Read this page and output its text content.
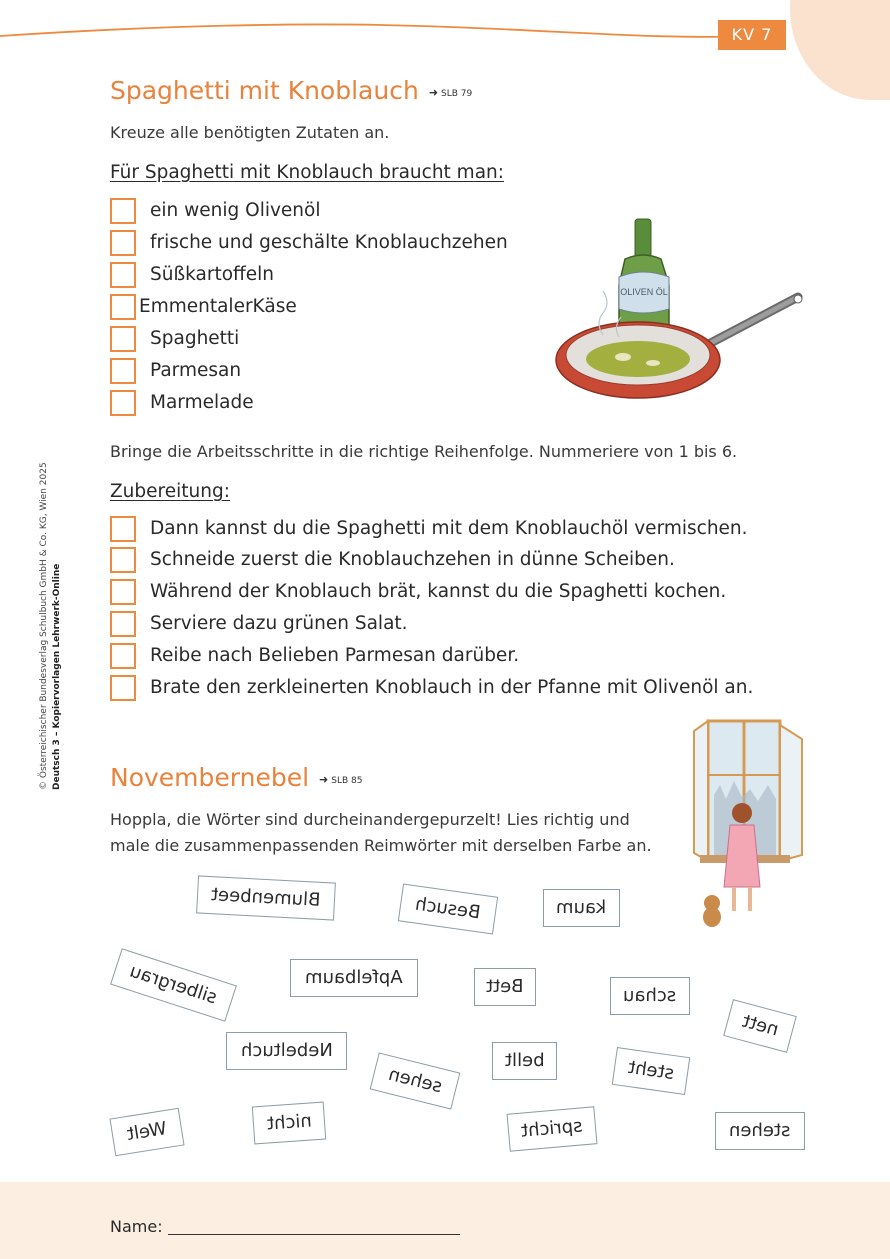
KV 7
© Österreichischer Bundesverlag Schulbuch GmbH & Co. KG, Wien 2025 Deutsch 3 – Kopiervorlagen Lehrwerk-Online
Spaghetti mit Knoblauch ➜ SLB 79
Kreuze alle benötigten Zutaten an.
Für Spaghetti mit Knoblauch braucht man:
ein wenig Olivenöl
frische und geschälte Knoblauchzehen
Süßkartoffeln
EmmentalerKäse
Spaghetti
Parmesan
Marmelade
OLIVEN ÖL
Bringe die Arbeitsschritte in die richtige Reihenfolge. Nummeriere von 1 bis 6.
Zubereitung:
Dann kannst du die Spaghetti mit dem Knoblauchöl vermischen.
Schneide zuerst die Knoblauchzehen in dünne Scheiben.
Während der Knoblauch brät, kannst du die Spaghetti kochen.
Serviere dazu grünen Salat.
Reibe nach Belieben Parmesan darüber.
Brate den zerkleinerten Knoblauch in der Pfanne mit Olivenöl an.
Novembernebel ➜ SLB 85
Hoppla, die Wörter sind durcheinandergepurzelt! Lies richtig und
male die zusammenpassenden Reimwörter mit derselben Farbe an.
Blumenbeet	Besuch	kaum
silbergrau	Apfelbaum	Bett	schau
nett
Nebeltuch
sehen
bellt	steht
Welt	nicht	spricht	stehen
Name:
